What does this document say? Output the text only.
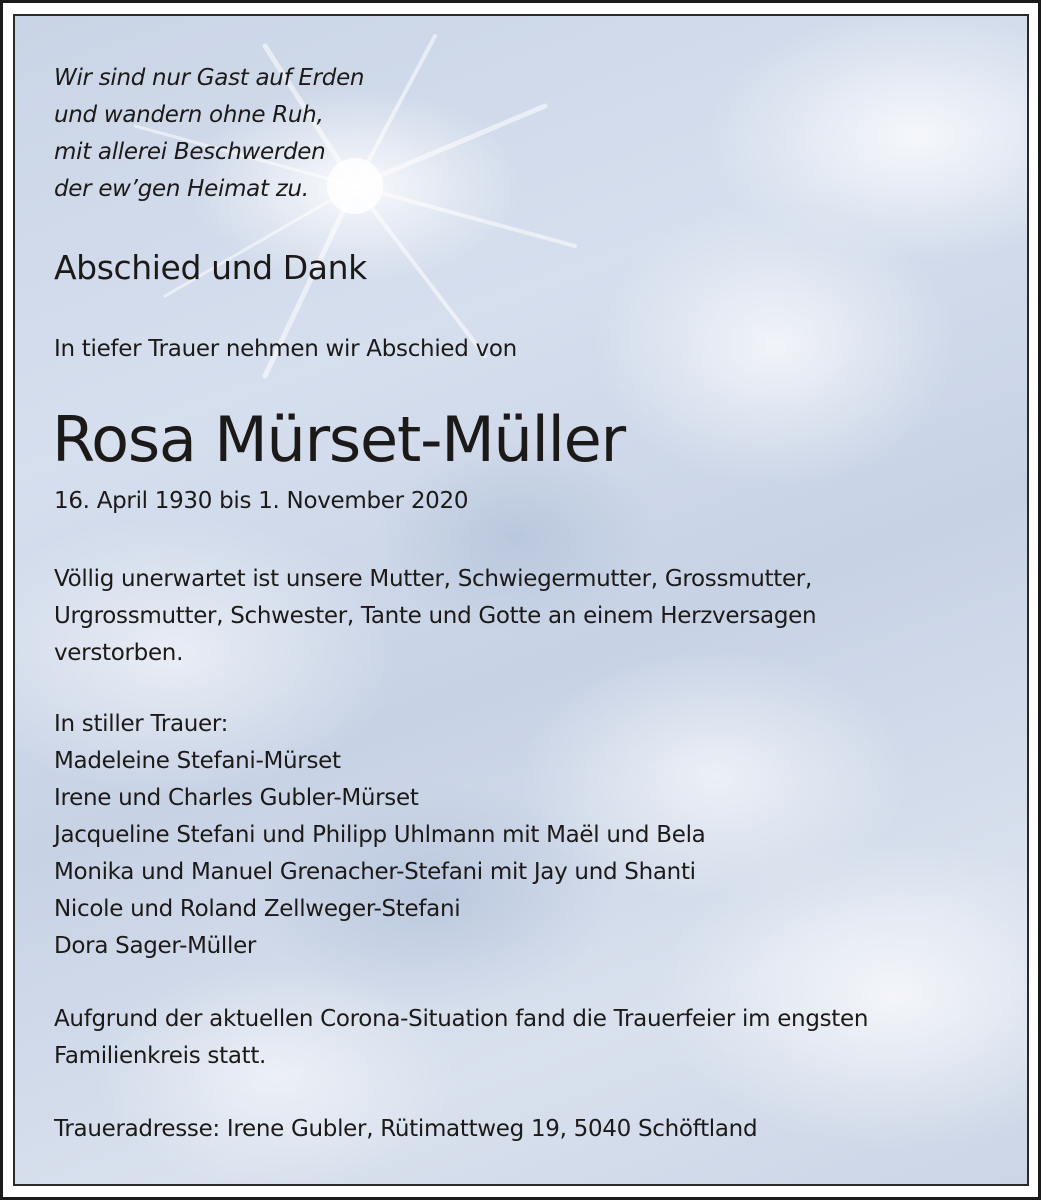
Wir sind nur Gast auf Erden
und wandern ohne Ruh,
mit allerei Beschwerden
der ew’gen Heimat zu.
Abschied und Dank
In tiefer Trauer nehmen wir Abschied von
Rosa Mürset-Müller
16. April 1930 bis 1. November 2020
Völlig unerwartet ist unsere Mutter, Schwiegermutter, Grossmutter,
Urgrossmutter, Schwester, Tante und Gotte an einem Herzversagen
verstorben.
In stiller Trauer:
Madeleine Stefani-Mürset
Irene und Charles Gubler-Mürset
Jacqueline Stefani und Philipp Uhlmann mit Maël und Bela
Monika und Manuel Grenacher-Stefani mit Jay und Shanti
Nicole und Roland Zellweger-Stefani
Dora Sager-Müller
Aufgrund der aktuellen Corona-Situation fand die Trauerfeier im engsten
Familienkreis statt.
Traueradresse: Irene Gubler, Rütimattweg 19, 5040 Schöftland
